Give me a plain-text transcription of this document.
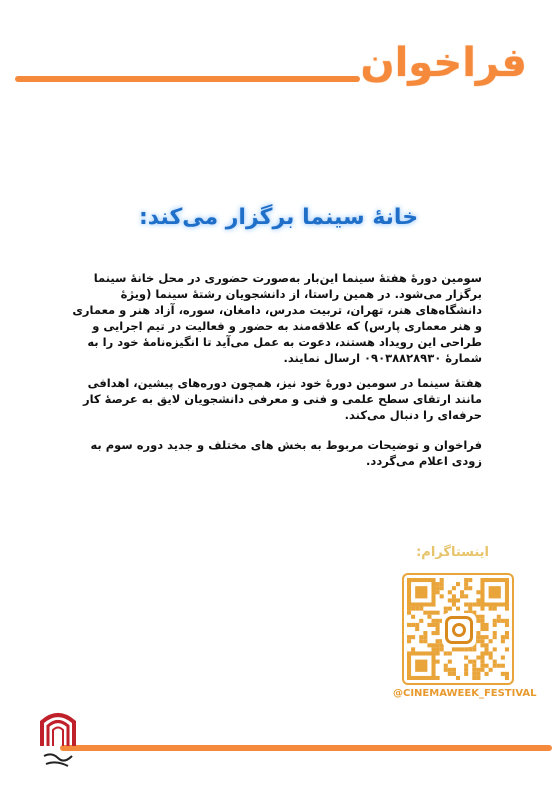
فراخوان
خانهٔ سینما برگزار می‌کند:
سومین دورهٔ هفتهٔ سینما این‌بار به‌صورت حضوری در محل خانهٔ سینما برگزار می‌شود. در همین راستا، از دانشجویان رشتهٔ سینما (ویژهٔ دانشگاه‌های هنر، تهران، تربیت مدرس، دامغان، سوره، آزاد هنر و معماری و هنر معماری پارس) که علاقه‌مند به حضور و فعالیت در تیم اجرایی و طراحی این رویداد هستند، دعوت به عمل می‌آید تا انگیزه‌نامهٔ خود را به شمارهٔ ۰۹۰۳۸۸۲۸۹۳۰ ارسال نمایند.
هفتهٔ سینما در سومین دورهٔ خود نیز، همچون دوره‌های پیشین، اهدافی مانند ارتقای سطح علمی و فنی و معرفی دانشجویان لایق به عرصهٔ کار حرفه‌ای را دنبال می‌کند.
فراخوان و توضیحات مربوط به بخش های مختلف و جدید دوره سوم به زودی اعلام می‌گردد.
اینستاگرام:
@CINEMAWEEK_FESTIVAL
